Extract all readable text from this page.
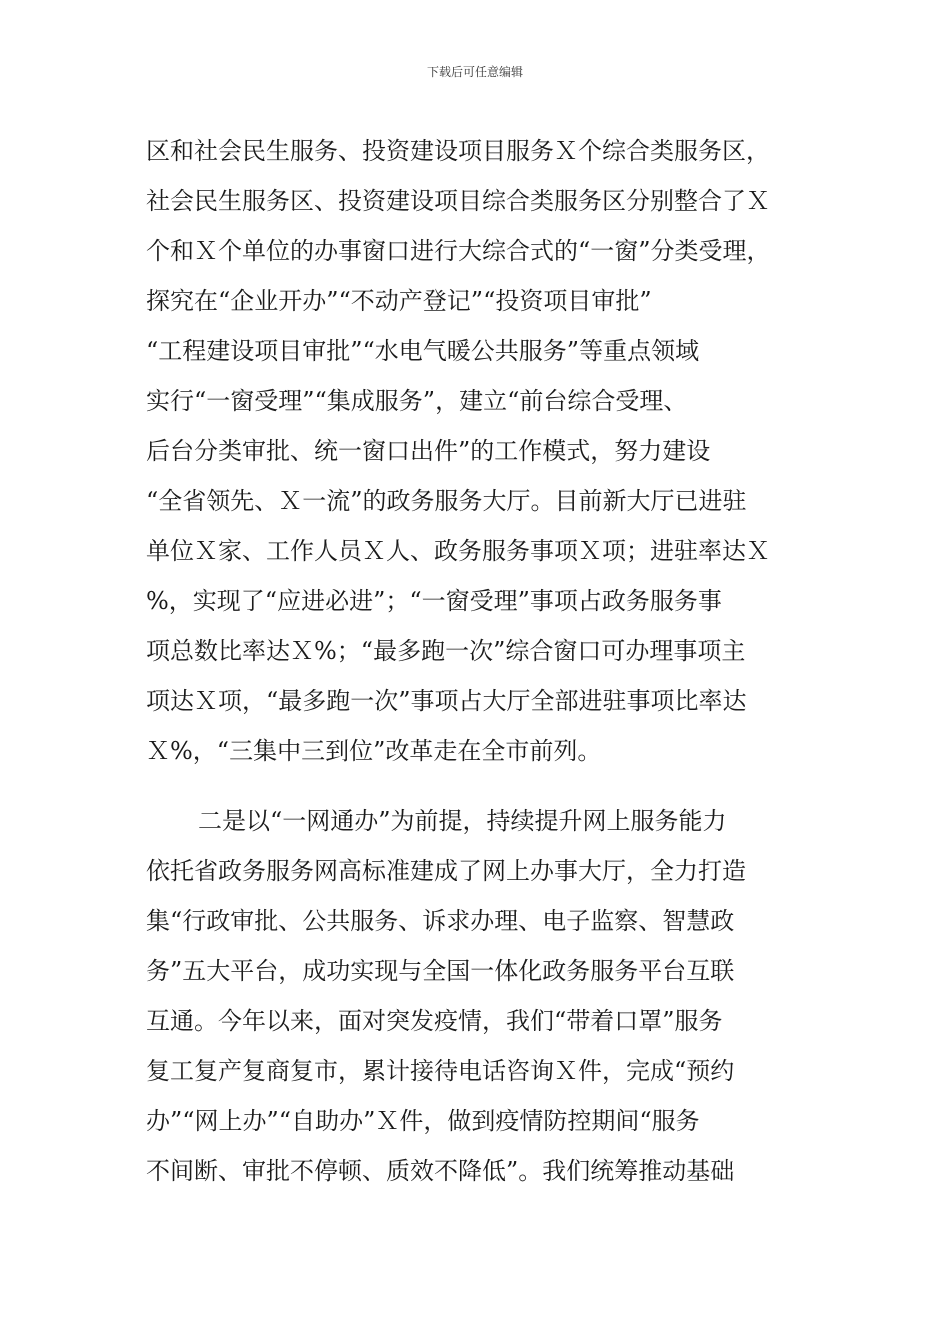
下载后可任意编辑
区和社会民生服务、投资建设项目服务Ｘ个综合类服务区，
社会民生服务区、投资建设项目综合类服务区分别整合了Ｘ
个和Ｘ个单位的办事窗口进行大综合式的“一窗”分类受理，
探究在“企业开办”“不动产登记”“投资项目审批”
“工程建设项目审批”“水电气暖公共服务”等重点领域
实行“一窗受理”“集成服务”，建立“前台综合受理、
后台分类审批、统一窗口出件”的工作模式，努力建设
“全省领先、Ｘ一流”的政务服务大厅。目前新大厅已进驻
单位Ｘ家、工作人员Ｘ人、政务服务事项Ｘ项；进驻率达Ｘ
%，实现了“应进必进”；“一窗受理”事项占政务服务事
项总数比率达Ｘ%；“最多跑一次”综合窗口可办理事项主
项达Ｘ项，“最多跑一次”事项占大厅全部进驻事项比率达
Ｘ%，“三集中三到位”改革走在全市前列。
二是以“一网通办”为前提，持续提升网上服务能力
依托省政务服务网高标准建成了网上办事大厅，全力打造
集“行政审批、公共服务、诉求办理、电子监察、智慧政
务”五大平台，成功实现与全国一体化政务服务平台互联
互通。今年以来，面对突发疫情，我们“带着口罩”服务
复工复产复商复市，累计接待电话咨询Ｘ件，完成“预约
办”“网上办”“自助办”Ｘ件，做到疫情防控期间“服务
不间断、审批不停顿、质效不降低”。我们统筹推动基础
